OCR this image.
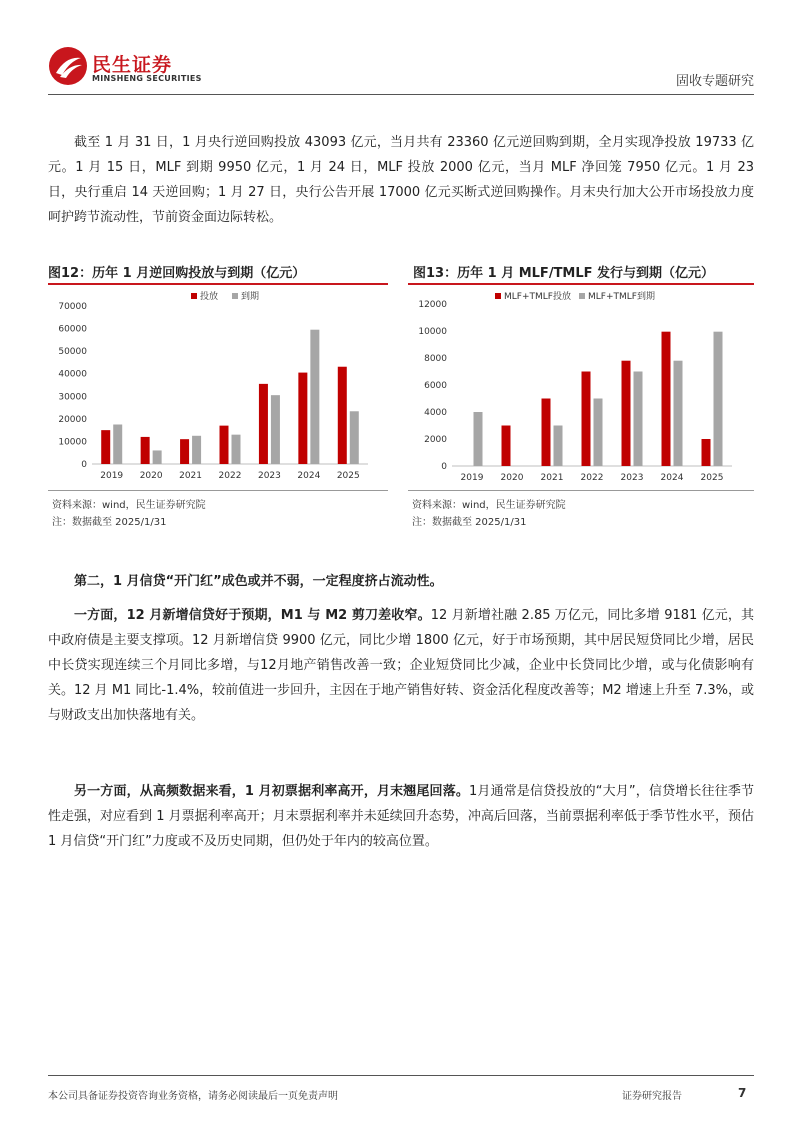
民生证券
MINSHENG SECURITIES	固收专题研究
截至 1 月 31 日，1 月央行逆回购投放 43093 亿元，当月共有 23360 亿元逆回购到期，全月实现净投放 19733 亿元。1 月 15 日，MLF 到期 9950 亿元，1 月 24 日，MLF 投放 2000 亿元，当月 MLF 净回笼 7950 亿元。1 月 23 日，央行重启 14 天逆回购；1 月 27 日，央行公告开展 17000 亿元买断式逆回购操作。月末央行加大公开市场投放力度呵护跨节流动性，节前资金面边际转松。
图12：历年 1 月逆回购投放与到期（亿元）
0
10000
20000
30000
40000
50000
60000
70000
2019 2020 2021 2022 2023 2024 2025
投放	到期
资料来源：wind，民生证券研究院
注：数据截至 2025/1/31
图13：历年 1 月 MLF/TMLF 发行与到期（亿元）
0
2000
4000
6000
8000
10000
12000
2019 2020 2021 2022 2023 2024 2025
MLF+TMLF投放 MLF+TMLF到期
资料来源：wind，民生证券研究院
注：数据截至 2025/1/31
第二，1 月信贷“开门红”成色或并不弱，一定程度挤占流动性。
一方面，12 月新增信贷好于预期，M1 与 M2 剪刀差收窄。12 月新增社融 2.85 万亿元，同比多增 9181 亿元，其中政府债是主要支撑项。12 月新增信贷 9900 亿元，同比少增 1800 亿元，好于市场预期，其中居民短贷同比少增，居民中长贷实现连续三个月同比多增，与12月地产销售改善一致；企业短贷同比少减，企业中长贷同比少增，或与化债影响有关。12 月 M1 同比-1.4%，较前值进一步回升，主因在于地产销售好转、资金活化程度改善等；M2 增速上升至 7.3%，或与财政支出加快落地有关。
另一方面，从高频数据来看，1 月初票据利率高开，月末翘尾回落。1月通常是信贷投放的“大月”，信贷增长往往季节性走强，对应看到 1 月票据利率高开；月末票据利率并未延续回升态势，冲高后回落，当前票据利率低于季节性水平，预估 1 月信贷“开门红”力度或不及历史同期，但仍处于年内的较高位置。
本公司具备证券投资咨询业务资格，请务必阅读最后一页免责声明	证券研究报告	7
